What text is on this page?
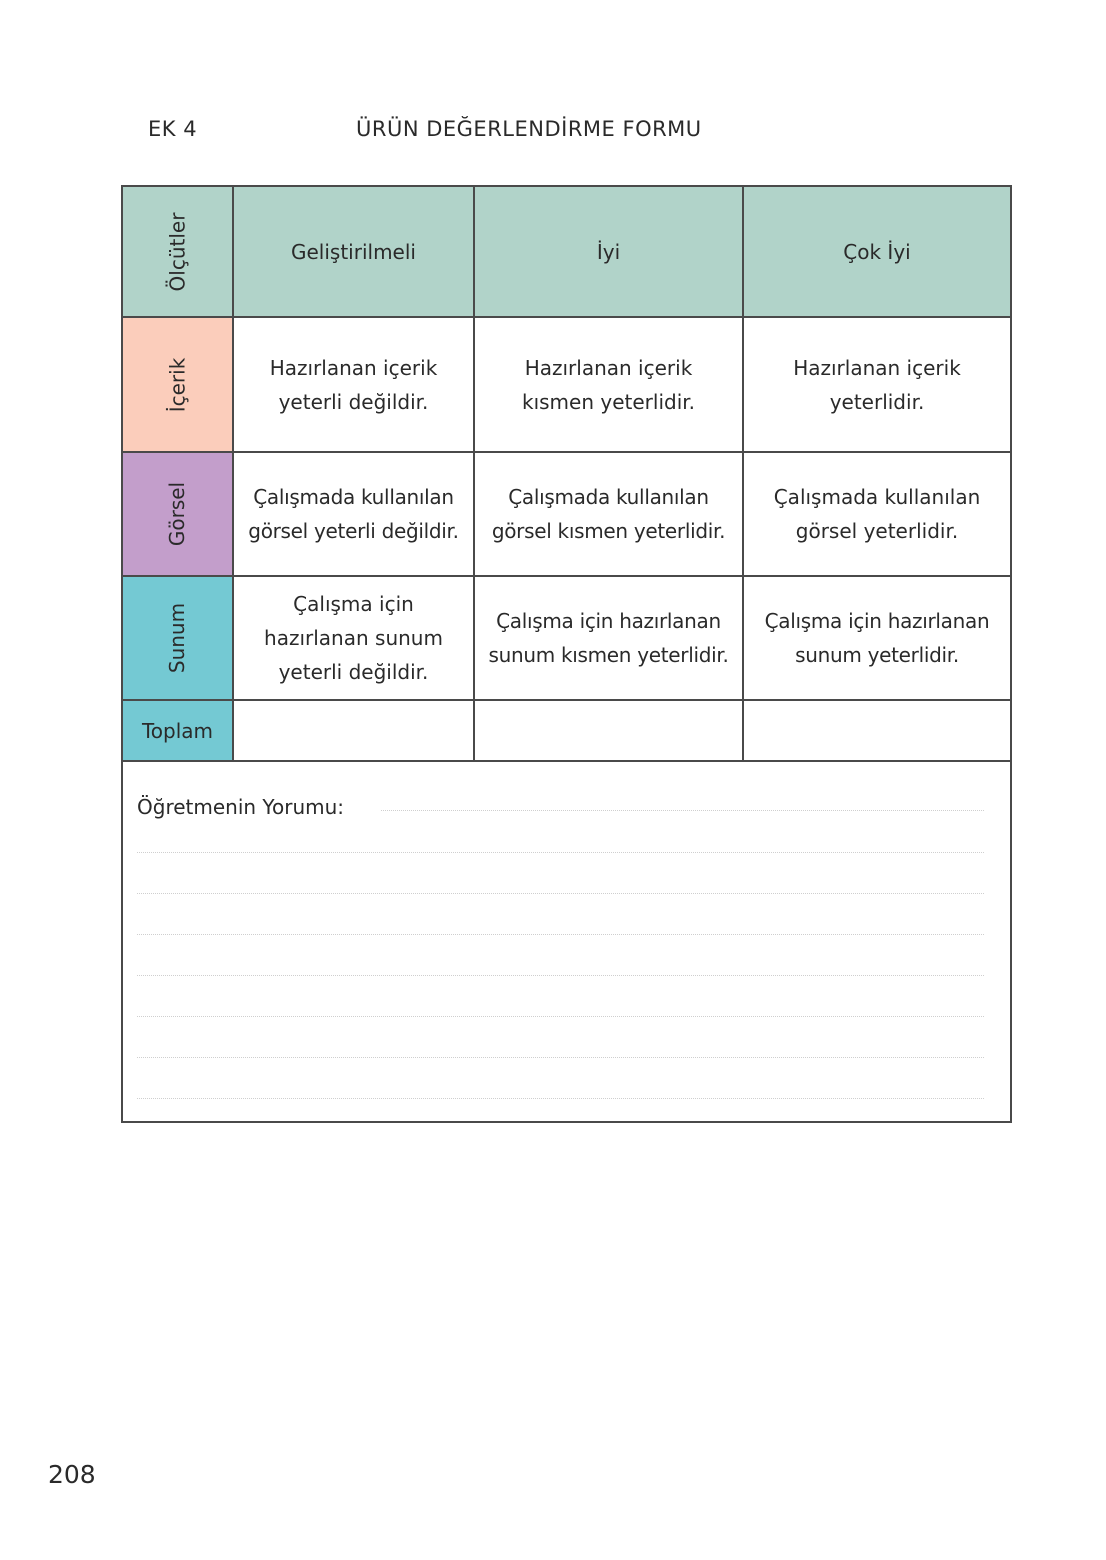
EK 4	ÜRÜN DEĞERLENDİRME FORMU
Ölçütler	Geliştirilmeli	İyi	Çok İyi
İçerik	Hazırlanan içerik yeterli değildir.	Hazırlanan içerik kısmen yeterlidir.	Hazırlanan içerik yeterlidir.

Görsel	Çalışmada kullanılan görsel yeterli değildir.	Çalışmada kullanılan görsel kısmen yeterlidir.	Çalışmada kullanılan görsel yeterlidir.

Sunum	Çalışma için hazırlanan sunum yeterli değildir.	Çalışma için hazırlanan sunum kısmen yeterlidir.	Çalışma için hazırlanan sunum yeterlidir.

Toplam			

Öğretmenin Yorumu:			
208
